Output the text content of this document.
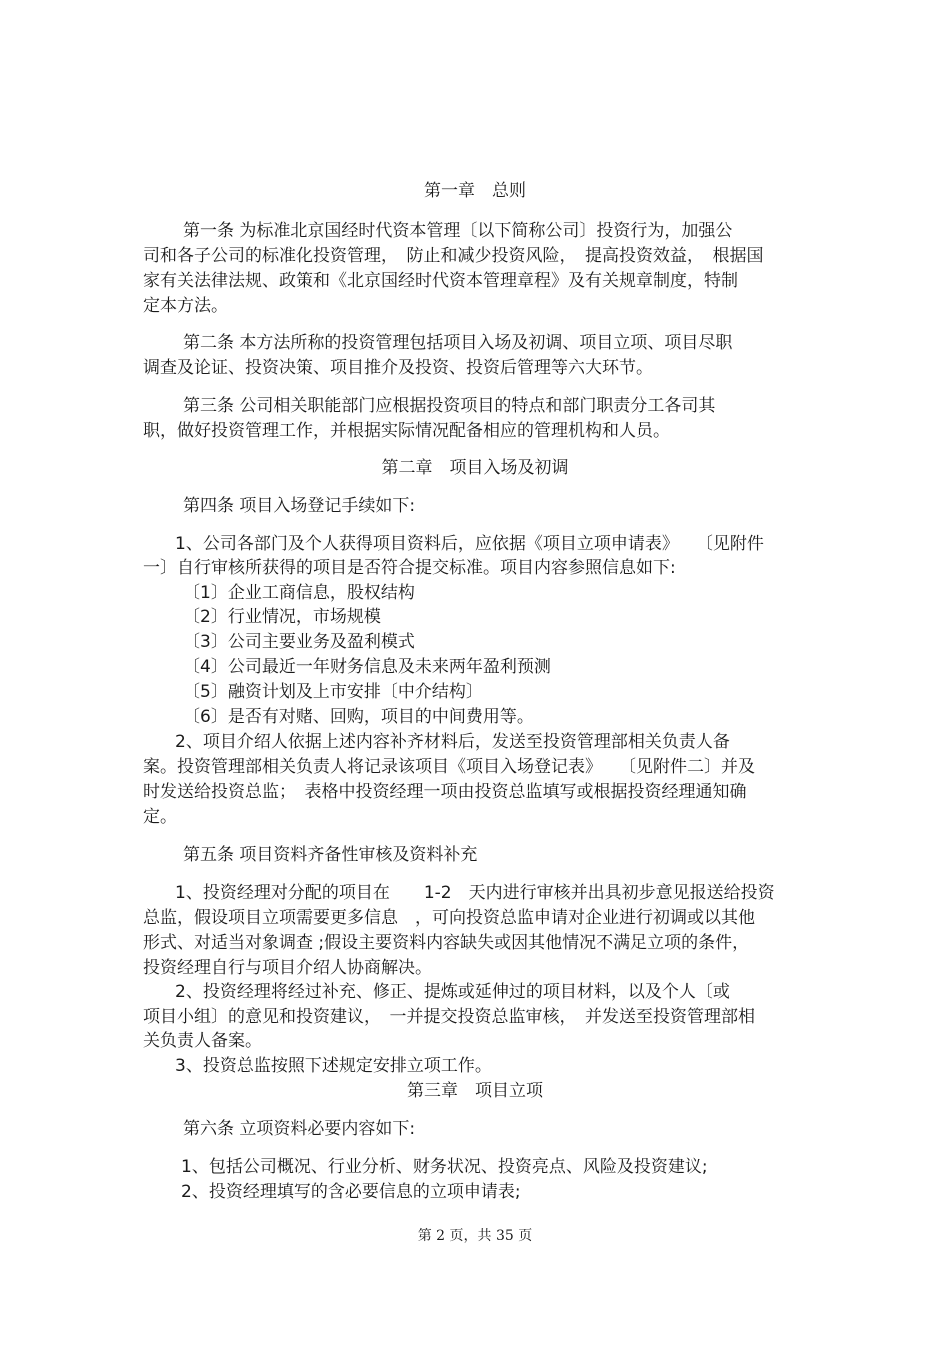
第一章　总则
第一条 为标准北京国经时代资本管理〔以下简称公司〕投资行为，加强公
司和各子公司的标准化投资管理，　防止和减少投资风险，　提高投资效益，　根据国
家有关法律法规、政策和《北京国经时代资本管理章程》及有关规章制度，特制
定本方法。
第二条 本方法所称的投资管理包括项目入场及初调、项目立项、项目尽职
调查及论证、投资决策、项目推介及投资、投资后管理等六大环节。
第三条 公司相关职能部门应根据投资项目的特点和部门职责分工各司其
职，做好投资管理工作，并根据实际情况配备相应的管理机构和人员。
第二章　项目入场及初调
第四条 项目入场登记手续如下:
1、公司各部门及个人获得项目资料后，应依据《项目立项申请表》　　〔见附件
一〕自行审核所获得的项目是否符合提交标准。项目内容参照信息如下:
〔1〕企业工商信息，股权结构
〔2〕行业情况，市场规模
〔3〕公司主要业务及盈利模式
〔4〕公司最近一年财务信息及未来两年盈利预测
〔5〕融资计划及上市安排〔中介结构〕
〔6〕是否有对赌、回购，项目的中间费用等。
2、项目介绍人依据上述内容补齐材料后，发送至投资管理部相关负责人备
案。投资管理部相关负责人将记录该项目《项目入场登记表》　　〔见附件二〕并及
时发送给投资总监；　表格中投资经理一项由投资总监填写或根据投资经理通知确
定。
第五条 项目资料齐备性审核及资料补充
1、投资经理对分配的项目在　　1-2　天内进行审核并出具初步意见报送给投资
总监，假设项目立项需要更多信息　，可向投资总监申请对企业进行初调或以其他
形式、对适当对象调查 ;假设主要资料内容缺失或因其他情况不满足立项的条件，
投资经理自行与项目介绍人协商解决。
2、投资经理将经过补充、修正、提炼或延伸过的项目材料，以及个人〔或
项目小组〕的意见和投资建议，　一并提交投资总监审核，　并发送至投资管理部相
关负责人备案。
3、投资总监按照下述规定安排立项工作。
第三章　项目立项
第六条 立项资料必要内容如下:
1、包括公司概况、行业分析、财务状况、投资亮点、风险及投资建议;
2、投资经理填写的含必要信息的立项申请表;
第 2 页，共 35 页
